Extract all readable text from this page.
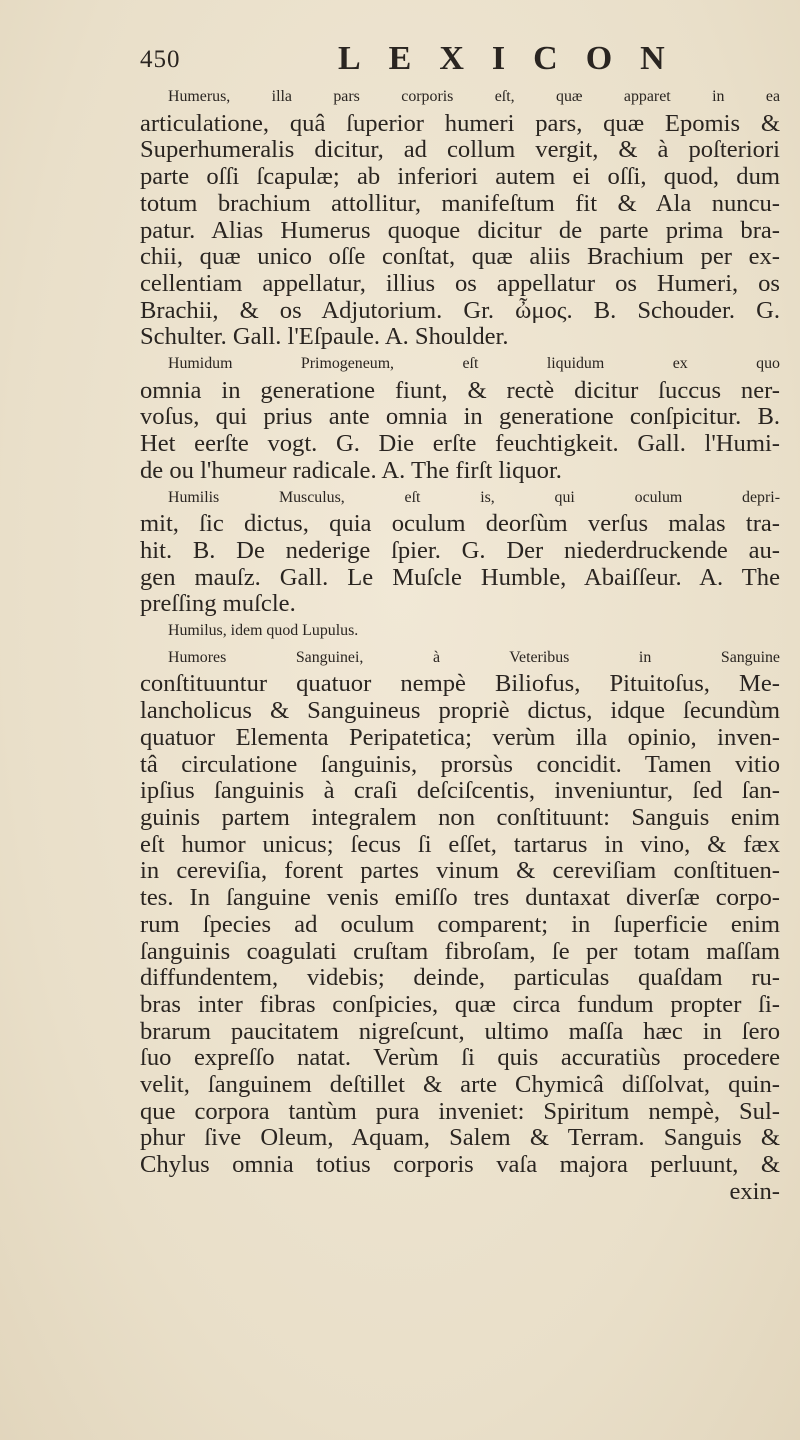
450	LEXICON
Humerus, illa pars corporis eſt, quæ apparet in ea
articulatione, quâ ſuperior humeri pars, quæ Epomis &
Superhumeralis dicitur, ad collum vergit, & à poſteriori
parte oſſi ſcapulæ; ab inferiori autem ei oſſi, quod, dum
totum brachium attollitur, manifeſtum fit & Ala nuncu-
patur. Alias Humerus quoque dicitur de parte prima bra-
chii, quæ unico oſſe conſtat, quæ aliis Brachium per ex-
cellentiam appellatur, illius os appellatur os Humeri, os
Brachii, & os Adjutorium. Gr. ὦμος. B. Schouder. G.
Schulter. Gall. l'Eſpaule. A. Shoulder.
Humidum Primogeneum, eſt liquidum ex quo
omnia in generatione fiunt, & rectè dicitur ſuccus ner-
voſus, qui prius ante omnia in generatione conſpicitur. B.
Het eerſte vogt. G. Die erſte feuchtigkeit. Gall. l'Humi-
de ou l'humeur radicale. A. The firſt liquor.
Humilis Musculus, eſt is, qui oculum depri-
mit, ſic dictus, quia oculum deorſùm verſus malas tra-
hit. B. De nederige ſpier. G. Der niederdruckende au-
gen mauſz. Gall. Le Muſcle Humble, Abaiſſeur. A. The
preſſing muſcle.
Humilus, idem quod Lupulus.
Humores Sanguinei, à Veteribus in Sanguine
conſtituuntur quatuor nempè Biliofus, Pituitoſus, Me-
lancholicus & Sanguineus propriè dictus, idque ſecundùm
quatuor Elementa Peripatetica; verùm illa opinio, inven-
tâ circulatione ſanguinis, prorsùs concidit. Tamen vitio
ipſius ſanguinis à craſi deſciſcentis, inveniuntur, ſed ſan-
guinis partem integralem non conſtituunt: Sanguis enim
eſt humor unicus; ſecus ſi eſſet, tartarus in vino, & fæx
in cereviſia, forent partes vinum & cereviſiam conſtituen-
tes. In ſanguine venis emiſſo tres duntaxat diverſæ corpo-
rum ſpecies ad oculum comparent; in ſuperficie enim
ſanguinis coagulati cruſtam fibroſam, ſe per totam maſſam
diffundentem, videbis; deinde, particulas quaſdam ru-
bras inter fibras conſpicies, quæ circa fundum propter ſi-
brarum paucitatem nigreſcunt, ultimo maſſa hæc in ſero
ſuo expreſſo natat. Verùm ſi quis accuratiùs procedere
velit, ſanguinem deſtillet & arte Chymicâ diſſolvat, quin-
que corpora tantùm pura inveniet: Spiritum nempè, Sul-
phur ſive Oleum, Aquam, Salem & Terram. Sanguis &
Chylus omnia totius corporis vaſa majora perluunt, &
exin-
